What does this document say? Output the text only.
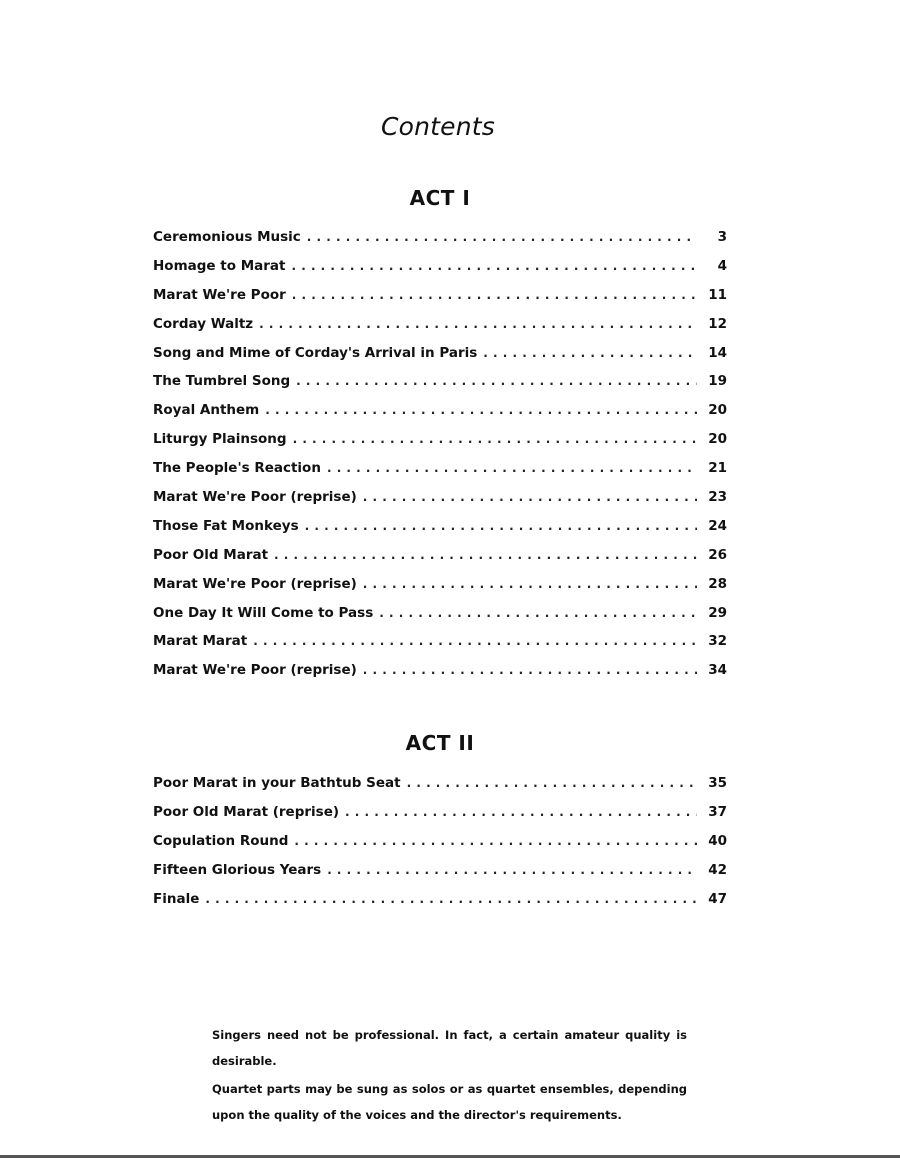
Contents
ACT I
Ceremonious Music . . .	3
Homage to Marat . . .	4
Marat We're Poor . . .	11
Corday Waltz . . .	12
Song and Mime of Corday's Arrival in Paris . . .	14
The Tumbrel Song . . .	19
Royal Anthem . . .	20
Liturgy Plainsong . . .	20
The People's Reaction . . .	21
Marat We're Poor (reprise) . . .	23
Those Fat Monkeys . . .	24
Poor Old Marat . . .	26
Marat We're Poor (reprise) . . .	28
One Day It Will Come to Pass . . .	29
Marat Marat . . .	32
Marat We're Poor (reprise) . . .	34
ACT II
Poor Marat in your Bathtub Seat . . .	35
Poor Old Marat (reprise) . . .	37
Copulation Round . . .	40
Fifteen Glorious Years . . .	42
Finale . . .	47

Singers need not be professional. In fact, a certain amateur quality is desirable.

Quartet parts may be sung as solos or as quartet ensembles, depending upon the quality of the voices and the director's requirements.
